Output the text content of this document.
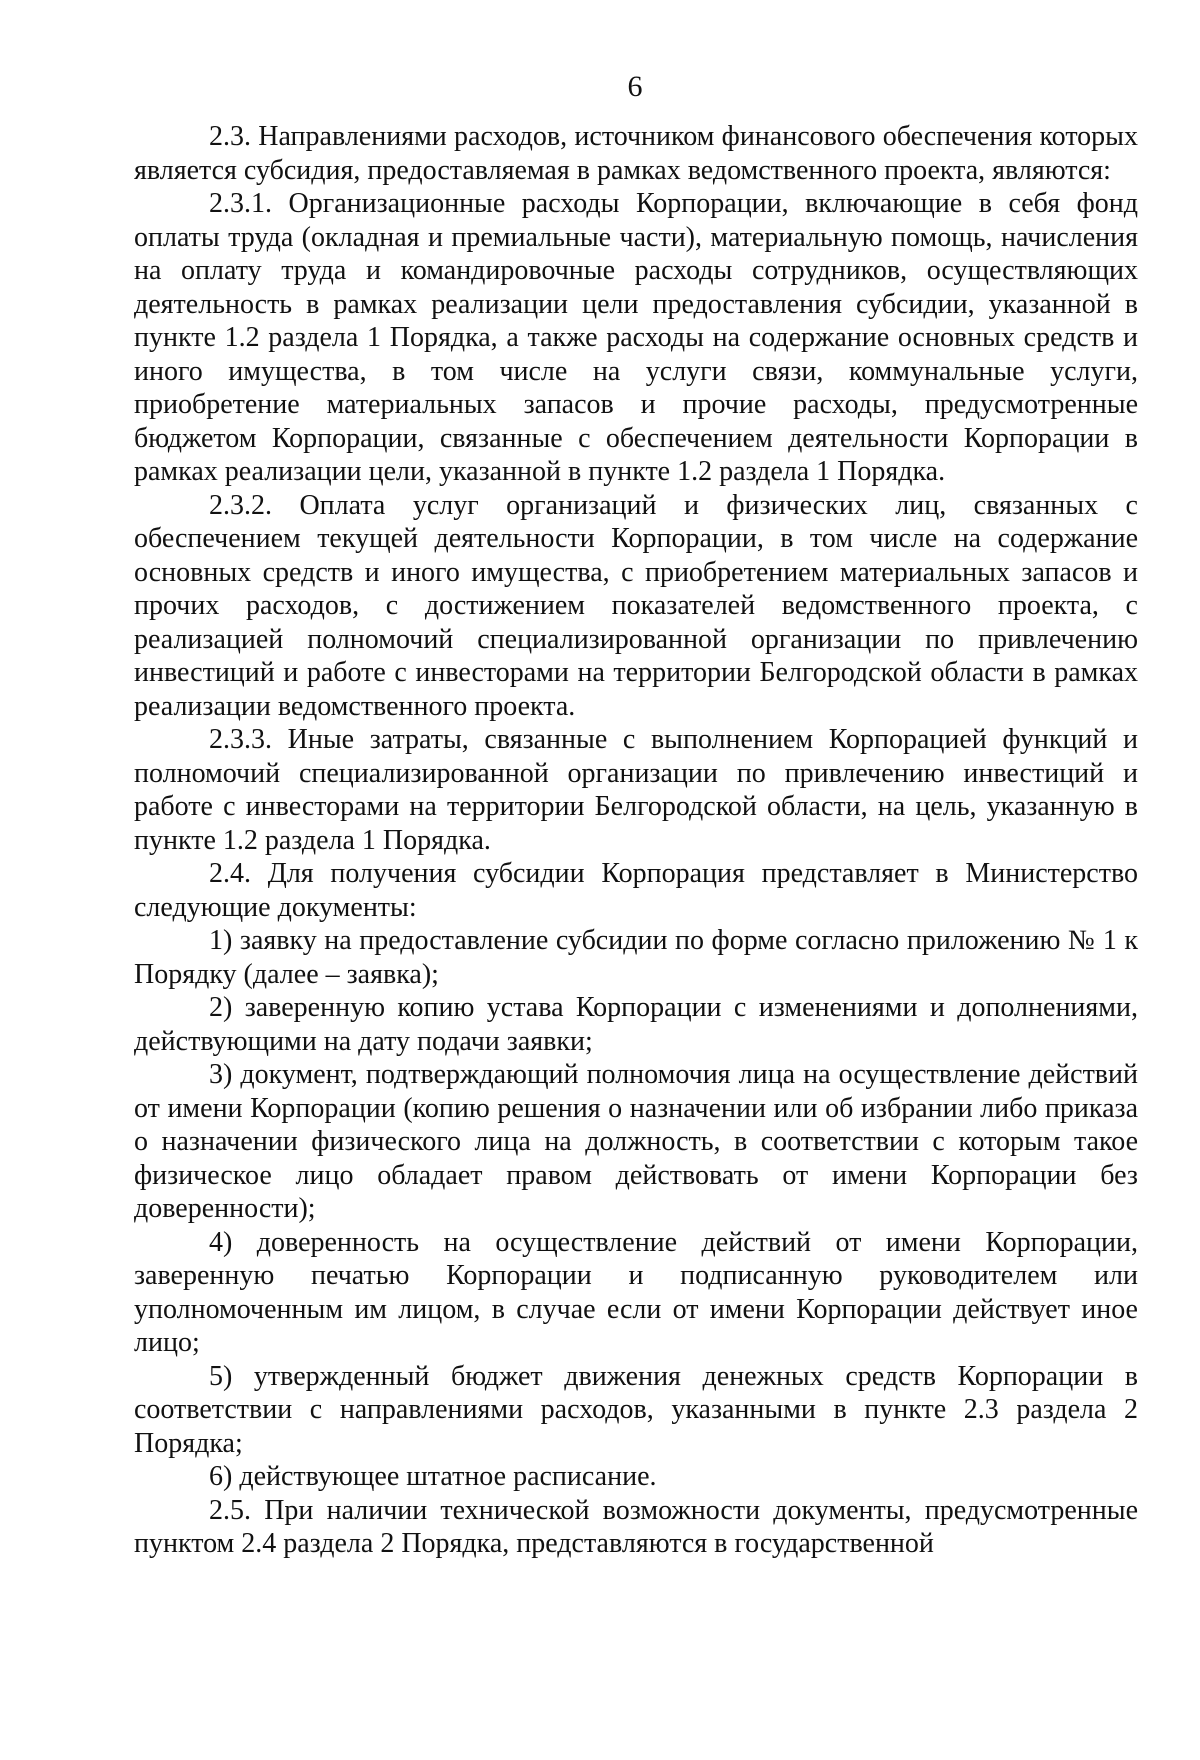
6

2.3. Направлениями расходов, источником финансового обеспечения которых является субсидия, предоставляемая в рамках ведомственного проекта, являются:

2.3.1. Организационные расходы Корпорации, включающие в себя фонд оплаты труда (окладная и премиальные части), материальную помощь, начисления на оплату труда и командировочные расходы сотрудников, осуществляющих деятельность в рамках реализации цели предоставления субсидии, указанной в пункте 1.2 раздела 1 Порядка, а также расходы на содержание основных средств и иного имущества, в том числе на услуги связи, коммунальные услуги, приобретение материальных запасов и прочие расходы, предусмотренные бюджетом Корпорации, связанные с обеспечением деятельности Корпорации в рамках реализации цели, указанной в пункте 1.2 раздела 1 Порядка.

2.3.2. Оплата услуг организаций и физических лиц, связанных с обеспечением текущей деятельности Корпорации, в том числе на содержание основных средств и иного имущества, с приобретением материальных запасов и прочих расходов, с достижением показателей ведомственного проекта, с реализацией полномочий специализированной организации по привлечению инвестиций и работе с инвесторами на территории Белгородской области в рамках реализации ведомственного проекта.

2.3.3. Иные затраты, связанные с выполнением Корпорацией функций и полномочий специализированной организации по привлечению инвестиций и работе с инвесторами на территории Белгородской области, на цель, указанную в пункте 1.2 раздела 1 Порядка.

2.4. Для получения субсидии Корпорация представляет в Министерство следующие документы:

1) заявку на предоставление субсидии по форме согласно приложению № 1 к Порядку (далее – заявка);

2) заверенную копию устава Корпорации с изменениями и дополнениями, действующими на дату подачи заявки;

3) документ, подтверждающий полномочия лица на осуществление действий от имени Корпорации (копию решения о назначении или об избрании либо приказа о назначении физического лица на должность, в соответствии с которым такое физическое лицо обладает правом действовать от имени Корпорации без доверенности);

4) доверенность на осуществление действий от имени Корпорации, заверенную печатью Корпорации и подписанную руководителем или уполномоченным им лицом, в случае если от имени Корпорации действует иное лицо;

5) утвержденный бюджет движения денежных средств Корпорации в соответствии с направлениями расходов, указанными в пункте 2.3 раздела 2 Порядка;

6) действующее штатное расписание.

2.5. При наличии технической возможности документы, предусмотренные пунктом 2.4 раздела 2 Порядка, представляются в государственной
